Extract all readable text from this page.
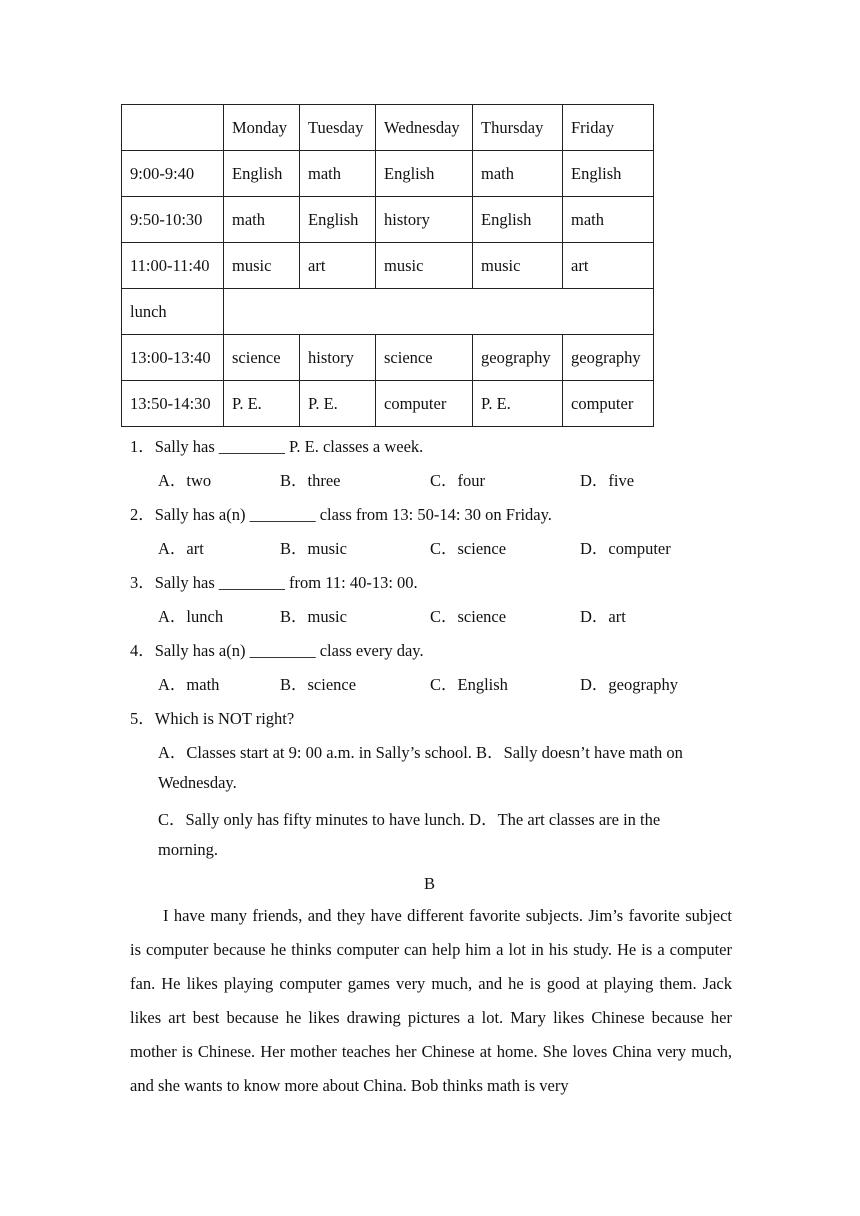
	Monday	Tuesday	Wednesday	Thursday	Friday
9:00-9:40	English	math	English	math	English
9:50-10:30	math	English	history	English	math
11:00-11:40	music	art	music	music	art
lunch					
13:00-13:40	science	history	science	geography	geography
13:50-14:30	P. E.	P. E.	computer	P. E.	computer
1．Sally has ________ P. E. classes a week.
A．two	B．three	C．four	D．five
2．Sally has a(n) ________ class from 13: 50-14: 30 on Friday.
A．art	B．music	C．science	D．computer
3．Sally has ________ from 11: 40-13: 00.
A．lunch	B．music	C．science	D．art
4．Sally has a(n) ________ class every day.
A．math	B．science	C．English	D．geography
5．Which is NOT right?
A．Classes start at 9: 00 a.m. in Sally’s school. B．Sally doesn’t have math on
Wednesday.
C．Sally only has fifty minutes to have lunch. D．The art classes are in the
morning.
B
I have many friends, and they have different favorite subjects. Jim’s favorite subject is computer because he thinks computer can help him a lot in his study. He is a computer fan. He likes playing computer games very much, and he is good at playing them. Jack likes art best because he likes drawing pictures a lot. Mary likes Chinese because her mother is Chinese. Her mother teaches her Chinese at home. She loves China very much, and she wants to know more about China. Bob thinks math is very
